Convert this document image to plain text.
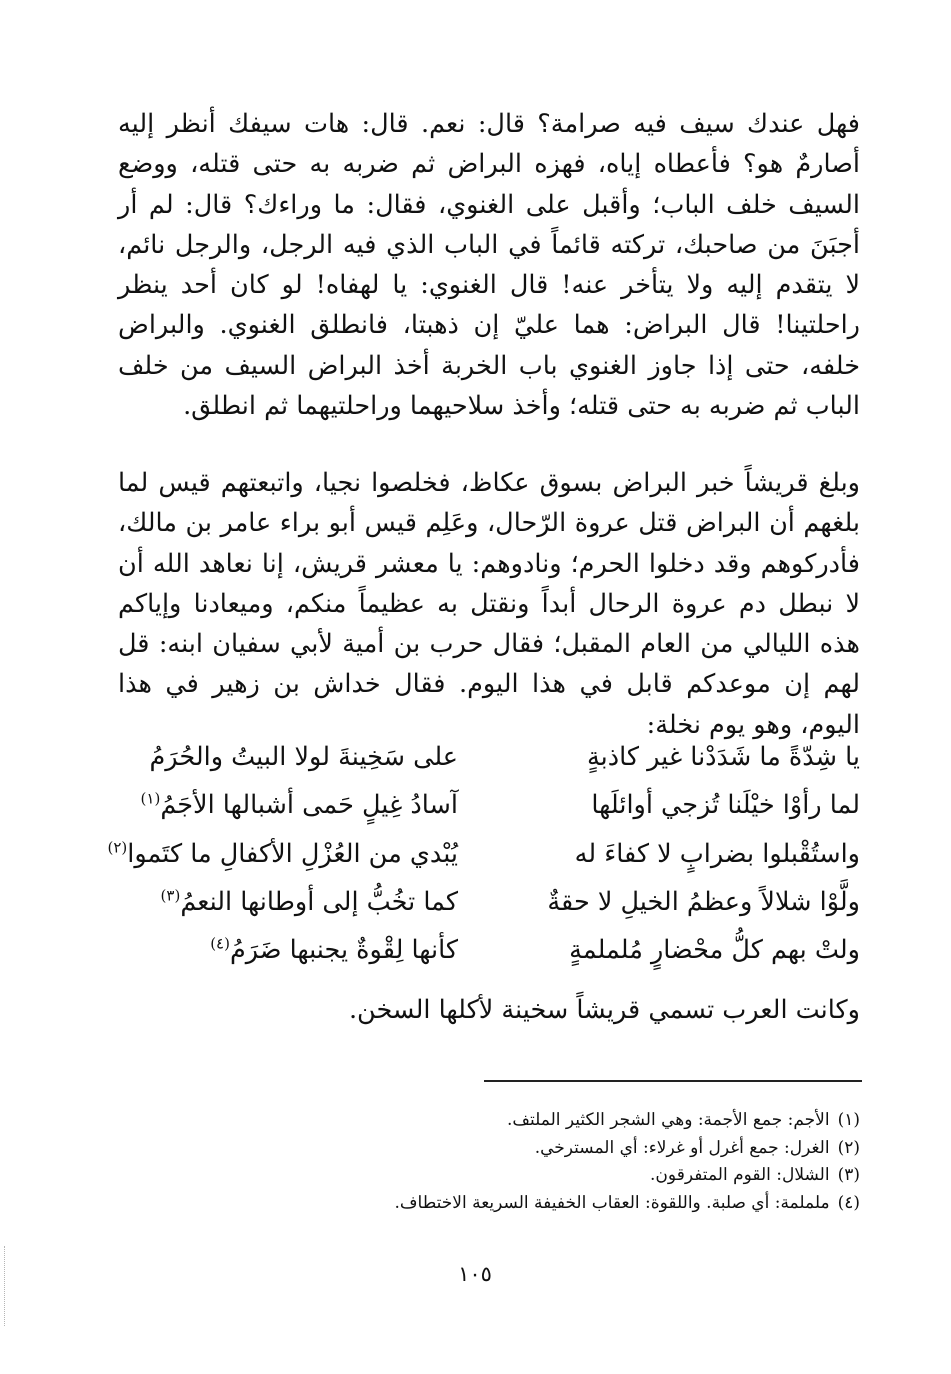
فهل عندك سيف فيه صرامة؟ قال: نعم. قال: هات سيفك أنظر إليه أصارمٌ هو؟ فأعطاه إياه، فهزه البراض ثم ضربه به حتى قتله، ووضع السيف خلف الباب؛ وأقبل على الغنوي، فقال: ما وراءك؟ قال: لم أر أجبَنَ من صاحبك، تركته قائماً في الباب الذي فيه الرجل، والرجل نائم، لا يتقدم إليه ولا يتأخر عنه! قال الغنوي: يا لهفاه! لو كان أحد ينظر راحلتينا! قال البراض: هما عليّ إن ذهبتا، فانطلق الغنوي. والبراض خلفه، حتى إذا جاوز الغنوي باب الخربة أخذ البراض السيف من خلف الباب ثم ضربه به حتى قتله؛ وأخذ سلاحيهما وراحلتيهما ثم انطلق.

وبلغ قريشاً خبر البراض بسوق عكاظ، فخلصوا نجيا، واتبعتهم قيس لما بلغهم أن البراض قتل عروة الرّحال، وعَلِم قيس أبو براء عامر بن مالك، فأدركوهم وقد دخلوا الحرم؛ ونادوهم: يا معشر قريش، إنا نعاهد الله أن لا نبطل دم عروة الرحال أبداً ونقتل به عظيماً منكم، وميعادنا وإياكم هذه الليالي من العام المقبل؛ فقال حرب بن أمية لأبي سفيان ابنه: قل لهم إن موعدكم قابل في هذا اليوم. فقال خداش بن زهير في هذا اليوم، وهو يوم نخلة:

يا شِدّةً ما شَدَدْنا غير كاذبةٍ
على سَخِينةَ لولا البيتُ والحُرَمُ
لما رأوْا خيْلَنا تُزجي أوائلَها
آسادُ غِيلٍ حَمى أشبالها الأجَمُ$^{(١)}$
واستُقْبلوا بضرابٍ لا كفاءَ له
يُبْدي من العُزْلِ الأكفالِ ما كتَموا$^{(٢)}$
ولَّوْا شلالاً وعظمُ الخيلِ لا حقةٌ
كما تخُبُّ إلى أوطانها النعمُ$^{(٣)}$
ولتْ بهم كلُّ محْضارٍ مُلملمةٍ
كأنها لِقْوةٌ يجنبها ضَرَمُ$^{(٤)}$

وكانت العرب تسمي قريشاً سخينة لأكلها السخن.

(١)الأجم: جمع الأجمة: وهي الشجر الكثير الملتف.
(٢)الغرل: جمع أغرل أو غرلاء: أي المسترخي.
(٣)الشلال: القوم المتفرقون.
(٤)ململمة: أي صلبة. واللقوة: العقاب الخفيفة السريعة الاختطاف.
١٠٥
